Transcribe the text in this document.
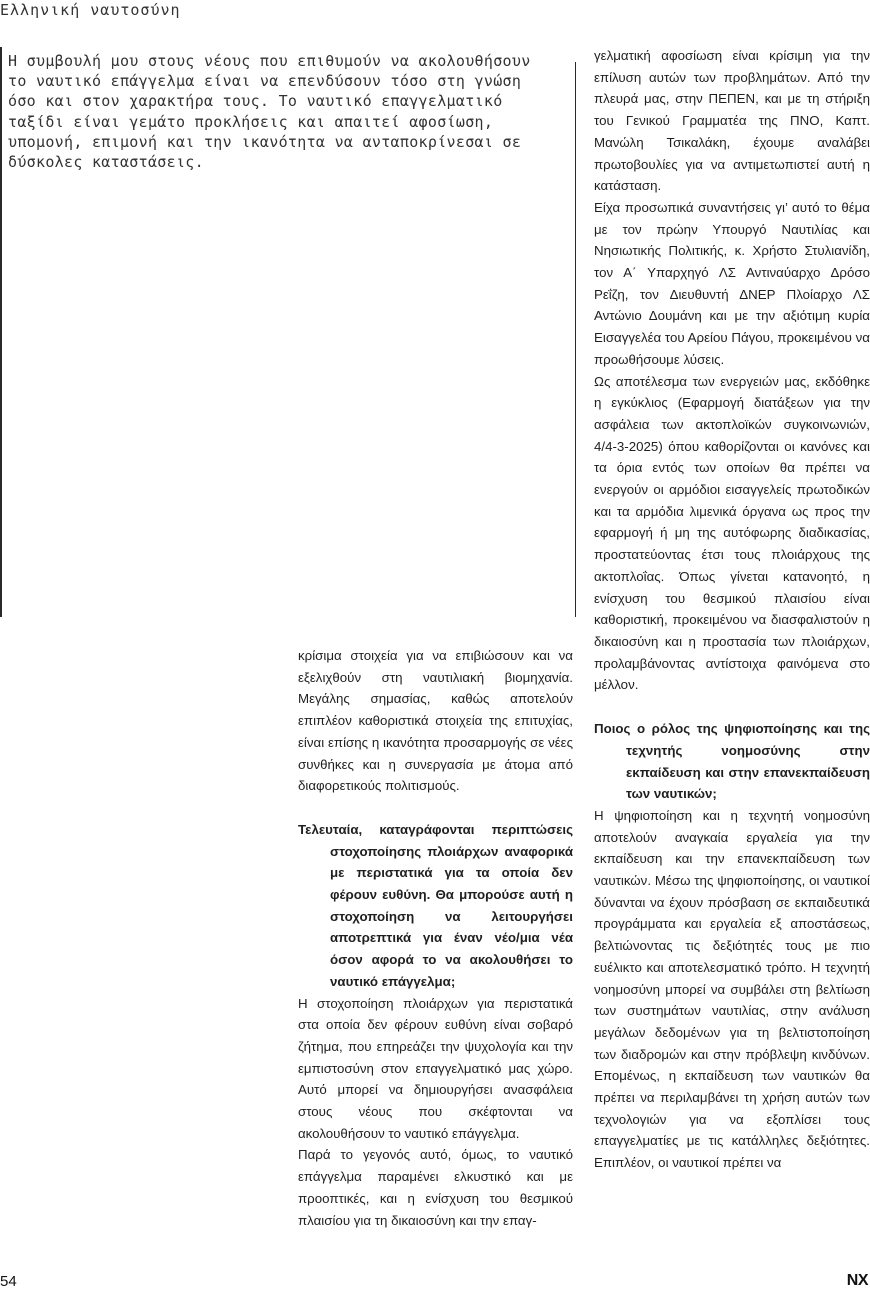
Ελληνική ναυτοσύνη
Η συμβουλή μου στους νέους που επιθυμούν να ακολουθήσουν το ναυτικό επάγγελμα είναι να επενδύσουν τόσο στη γνώση όσο και στον χαρακτήρα τους. Το ναυτικό επαγγελματικό ταξίδι είναι γεμάτο προκλήσεις και απαιτεί αφοσίωση, υπομονή, επιμονή και την ικανότητα να ανταποκρίνεσαι σε δύσκολες καταστάσεις.

κρίσιμα στοιχεία για να επιβιώσουν και να εξελιχθούν στη ναυτιλιακή βιομηχανία. Μεγάλης σημασίας, καθώς αποτελούν επιπλέον καθοριστικά στοιχεία της επιτυχίας, είναι επίσης η ικανότητα προσαρμογής σε νέες συνθήκες και η συνεργασία με άτομα από διαφορετικούς πολιτισμούς.

Τελευταία, καταγράφονται περιπτώσεις στοχοποίησης πλοιάρχων αναφορικά με περιστατικά για τα οποία δεν φέρουν ευθύνη. Θα μπορούσε αυτή η στοχοποίηση να λειτουργήσει αποτρεπτικά για έναν νέο/μια νέα όσον αφορά το να ακολουθήσει το ναυτικό επάγγελμα;

Η στοχοποίηση πλοιάρχων για περιστατικά στα οποία δεν φέρουν ευθύνη είναι σοβαρό ζήτημα, που επηρεάζει την ψυχολογία και την εμπιστοσύνη στον επαγγελματικό μας χώρο. Αυτό μπορεί να δημιουργήσει ανασφάλεια στους νέους που σκέφτονται να ακολουθήσουν το ναυτικό επάγγελμα.

Παρά το γεγονός αυτό, όμως, το ναυτικό επάγγελμα παραμένει ελκυστικό και με προοπτικές, και η ενίσχυση του θεσμικού πλαισίου για τη δικαιοσύνη και την επαγ-

γελματική αφοσίωση είναι κρίσιμη για την επίλυση αυτών των προβλημάτων. Από την πλευρά μας, στην ΠΕΠΕΝ, και με τη στήριξη του Γενικού Γραμματέα της ΠΝΟ, Καπτ. Μανώλη Τσικαλάκη, έχουμε αναλάβει πρωτοβουλίες για να αντιμετωπιστεί αυτή η κατάσταση.

Είχα προσωπικά συναντήσεις γι’ αυτό το θέμα με τον πρώην Υπουργό Ναυτιλίας και Νησιωτικής Πολιτικής, κ. Χρήστο Στυλιανίδη, τον Α΄ Υπαρχηγό ΛΣ Αντιναύαρχο Δρόσο Ρεΐζη, τον Διευθυντή ΔΝΕΡ Πλοίαρχο ΛΣ Αντώνιο Δουμάνη και με την αξιότιμη κυρία Εισαγγελέα του Αρείου Πάγου, προκειμένου να προωθήσουμε λύσεις.

Ως αποτέλεσμα των ενεργειών μας, εκδόθηκε η εγκύκλιος (Εφαρμογή διατάξεων για την ασφάλεια των ακτοπλοϊκών συγκοινωνιών, 4/4-3-2025) όπου καθορίζονται οι κανόνες και τα όρια εντός των οποίων θα πρέπει να ενεργούν οι αρμόδιοι εισαγγελείς πρωτοδικών και τα αρμόδια λιμενικά όργανα ως προς την εφαρμογή ή μη της αυτόφωρης διαδικασίας, προστατεύοντας έτσι τους πλοιάρχους της ακτοπλοΐας. Όπως γίνεται κατανοητό, η ενίσχυση του θεσμικού πλαισίου είναι καθοριστική, προκειμένου να διασφαλιστούν η δικαιοσύνη και η προστασία των πλοιάρχων, προλαμβάνοντας αντίστοιχα φαινόμενα στο μέλλον.

Ποιος ο ρόλος της ψηφιοποίησης και της τεχνητής νοημοσύνης στην εκπαίδευση και στην επανεκπαίδευση των ναυτικών;

Η ψηφιοποίηση και η τεχνητή νοημοσύνη αποτελούν αναγκαία εργαλεία για την εκπαίδευση και την επανεκπαίδευση των ναυτικών. Μέσω της ψηφιοποίησης, οι ναυτικοί δύνανται να έχουν πρόσβαση σε εκπαιδευτικά προγράμματα και εργαλεία εξ αποστάσεως, βελτιώνοντας τις δεξιότητές τους με πιο ευέλικτο και αποτελεσματικό τρόπο. Η τεχνητή νοημοσύνη μπορεί να συμβάλει στη βελτίωση των συστημάτων ναυτιλίας, στην ανάλυση μεγάλων δεδομένων για τη βελτιστοποίηση των διαδρομών και στην πρόβλεψη κινδύνων. Επομένως, η εκπαίδευση των ναυτικών θα πρέπει να περιλαμβάνει τη χρήση αυτών των τεχνολογιών για να εξοπλίσει τους επαγγελματίες με τις κατάλληλες δεξιότητες. Επιπλέον, οι ναυτικοί πρέπει να

54	NX
